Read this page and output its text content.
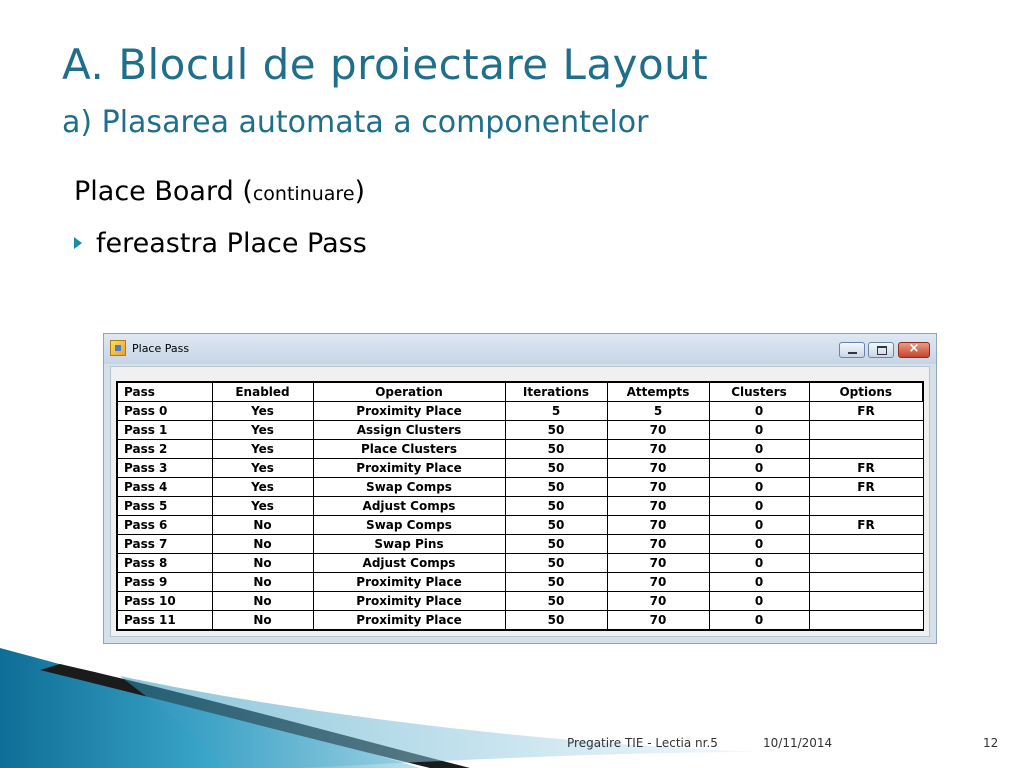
A. Blocul de proiectare Layout
a) Plasarea automata a componentelor
Place Board (continuare)
fereastra Place Pass
Place Pass	×
Pass	Enabled	Operation	Iterations	Attempts	Clusters	Options
Pass 0	Yes	Proximity Place	5	5	0	FR
Pass 1	Yes	Assign Clusters	50	70	0	
Pass 2	Yes	Place Clusters	50	70	0	
Pass 3	Yes	Proximity Place	50	70	0	FR
Pass 4	Yes	Swap Comps	50	70	0	FR
Pass 5	Yes	Adjust Comps	50	70	0	
Pass 6	No	Swap Comps	50	70	0	FR
Pass 7	No	Swap Pins	50	70	0	
Pass 8	No	Adjust Comps	50	70	0	
Pass 9	No	Proximity Place	50	70	0	
Pass 10	No	Proximity Place	50	70	0	
Pass 11	No	Proximity Place	50	70	0	
Pregatire TIE - Lectia nr.5	10/11/2014	12
